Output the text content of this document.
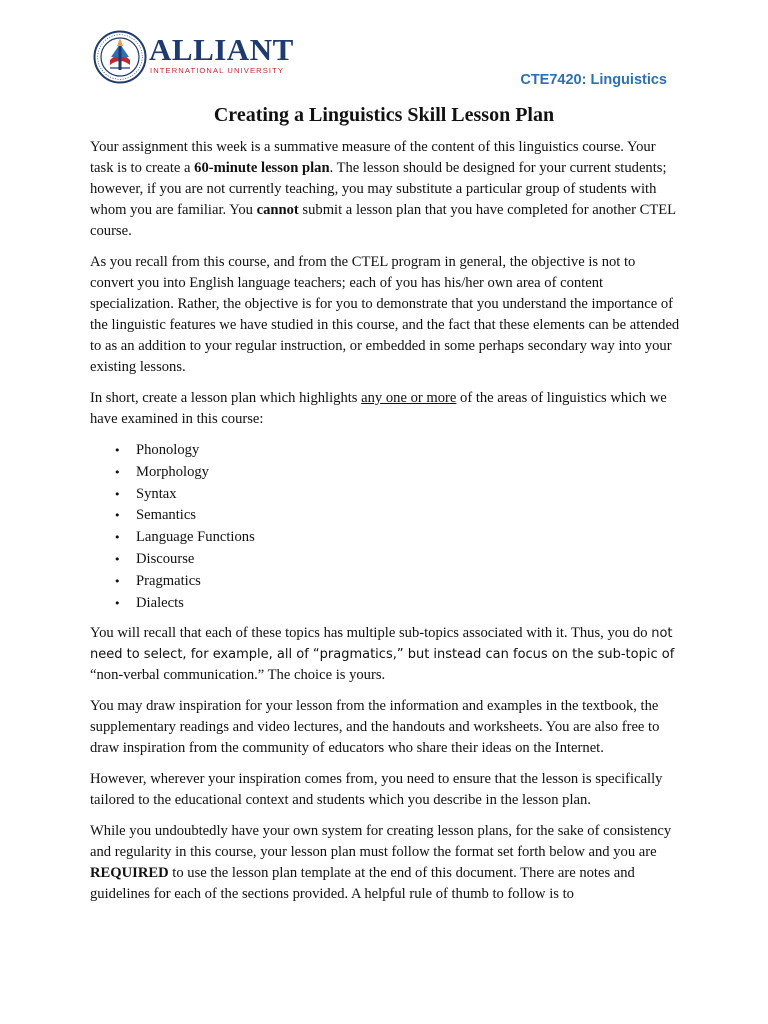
ALLIANT
INTERNATIONAL UNIVERSITY
CTE7420: Linguistics
Creating a Linguistics Skill Lesson Plan

Your assignment this week is a summative measure of the content of this linguistics course. Your task is to create a 60-minute lesson plan. The lesson should be designed for your current students; however, if you are not currently teaching, you may substitute a particular group of students with whom you are familiar. You cannot submit a lesson plan that you have completed for another CTEL course.

As you recall from this course, and from the CTEL program in general, the objective is not to convert you into English language teachers; each of you has his/her own area of content specialization. Rather, the objective is for you to demonstrate that you understand the importance of the linguistic features we have studied in this course, and the fact that these elements can be attended to as an addition to your regular instruction, or embedded in some perhaps secondary way into your existing lessons.

In short, create a lesson plan which highlights any one or more of the areas of linguistics which we have examined in this course:

• Phonology
• Morphology
• Syntax
• Semantics
• Language Functions
• Discourse
• Pragmatics
• Dialects

You will recall that each of these topics has multiple sub-topics associated with it. Thus, you do not need to select, for example, all of “pragmatics,” but instead can focus on the sub-topic of “non-verbal communication.” The choice is yours.

You may draw inspiration for your lesson from the information and examples in the textbook, the supplementary readings and video lectures, and the handouts and worksheets. You are also free to draw inspiration from the community of educators who share their ideas on the Internet.

However, wherever your inspiration comes from, you need to ensure that the lesson is specifically tailored to the educational context and students which you describe in the lesson plan.

While you undoubtedly have your own system for creating lesson plans, for the sake of consistency and regularity in this course, your lesson plan must follow the format set forth below and you are REQUIRED to use the lesson plan template at the end of this document. There are notes and guidelines for each of the sections provided. A helpful rule of thumb to follow is to
